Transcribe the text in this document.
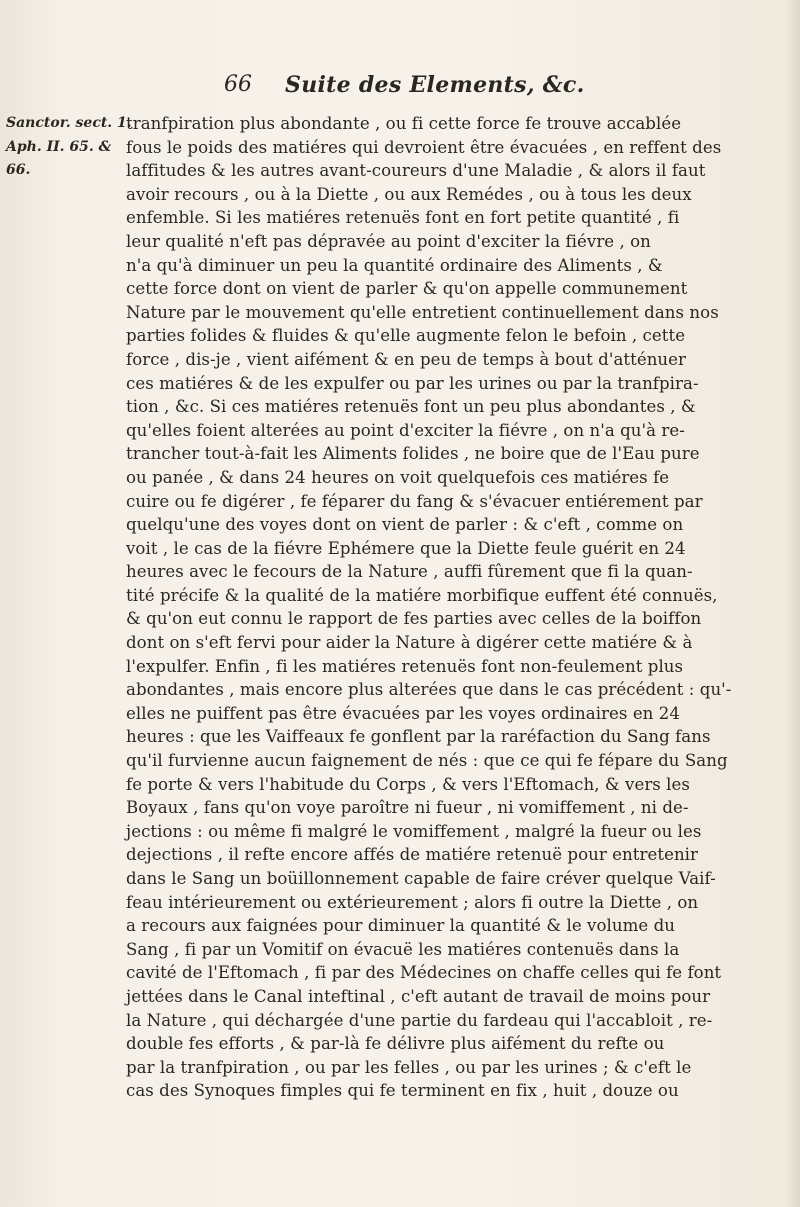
66 Suite des Elements, &c.
Sanctor. sect. 1.
Aph. II. 65. &
66.
tranfpiration plus abondante , ou fi cette force fe trouve accablée
fous le poids des matiéres qui devroient être évacuées , en reffent des
laffitudes & les autres avant-coureurs d'une Maladie , & alors il faut
avoir recours , ou à la Diette , ou aux Remédes , ou à tous les deux
enfemble. Si les matiéres retenuës font en fort petite quantité , fi
leur qualité n'eft pas dépravée au point d'exciter la fiévre , on
n'a qu'à diminuer un peu la quantité ordinaire des Aliments , &
cette force dont on vient de parler & qu'on appelle communement
Nature par le mouvement qu'elle entretient continuellement dans nos
parties folides & fluides & qu'elle augmente felon le befoin , cette
force , dis-je , vient aifément & en peu de temps à bout d'atténuer
ces matiéres & de les expulfer ou par les urines ou par la tranfpira-
tion , &c. Si ces matiéres retenuës font un peu plus abondantes , &
qu'elles foient alterées au point d'exciter la fiévre , on n'a qu'à re-
trancher tout-à-fait les Aliments folides , ne boire que de l'Eau pure
ou panée , & dans 24 heures on voit quelquefois ces matiéres fe
cuire ou fe digérer , fe féparer du fang & s'évacuer entiérement par
quelqu'une des voyes dont on vient de parler : & c'eft , comme on
voit , le cas de la fiévre Ephémere que la Diette feule guérit en 24
heures avec le fecours de la Nature , auffi fûrement que fi la quan-
tité précife & la qualité de la matiére morbifique euffent été connuës,
& qu'on eut connu le rapport de fes parties avec celles de la boiffon
dont on s'eft fervi pour aider la Nature à digérer cette matiére & à
l'expulfer. Enfin , fi les matiéres retenuës font non-feulement plus
abondantes , mais encore plus alterées que dans le cas précédent : qu'-
elles ne puiffent pas être évacuées par les voyes ordinaires en 24
heures : que les Vaiffeaux fe gonflent par la raréfaction du Sang fans
qu'il furvienne aucun faignement de nés : que ce qui fe fépare du Sang
fe porte & vers l'habitude du Corps , & vers l'Eftomach, & vers les
Boyaux , fans qu'on voye paroître ni fueur , ni vomiffement , ni de-
jections : ou même fi malgré le vomiffement , malgré la fueur ou les
dejections , il refte encore affés de matiére retenuë pour entretenir
dans le Sang un boüillonnement capable de faire créver quelque Vaif-
feau intérieurement ou extérieurement ; alors fi outre la Diette , on
a recours aux faignées pour diminuer la quantité & le volume du
Sang , fi par un Vomitif on évacuë les matiéres contenuës dans la
cavité de l'Eftomach , fi par des Médecines on chaffe celles qui fe font
jettées dans le Canal inteftinal , c'eft autant de travail de moins pour
la Nature , qui déchargée d'une partie du fardeau qui l'accabloit , re-
double fes efforts , & par-là fe délivre plus aifément du refte ou
par la tranfpiration , ou par les felles , ou par les urines ; & c'eft le
cas des Synoques fimples qui fe terminent en fix , huit , douze ou
